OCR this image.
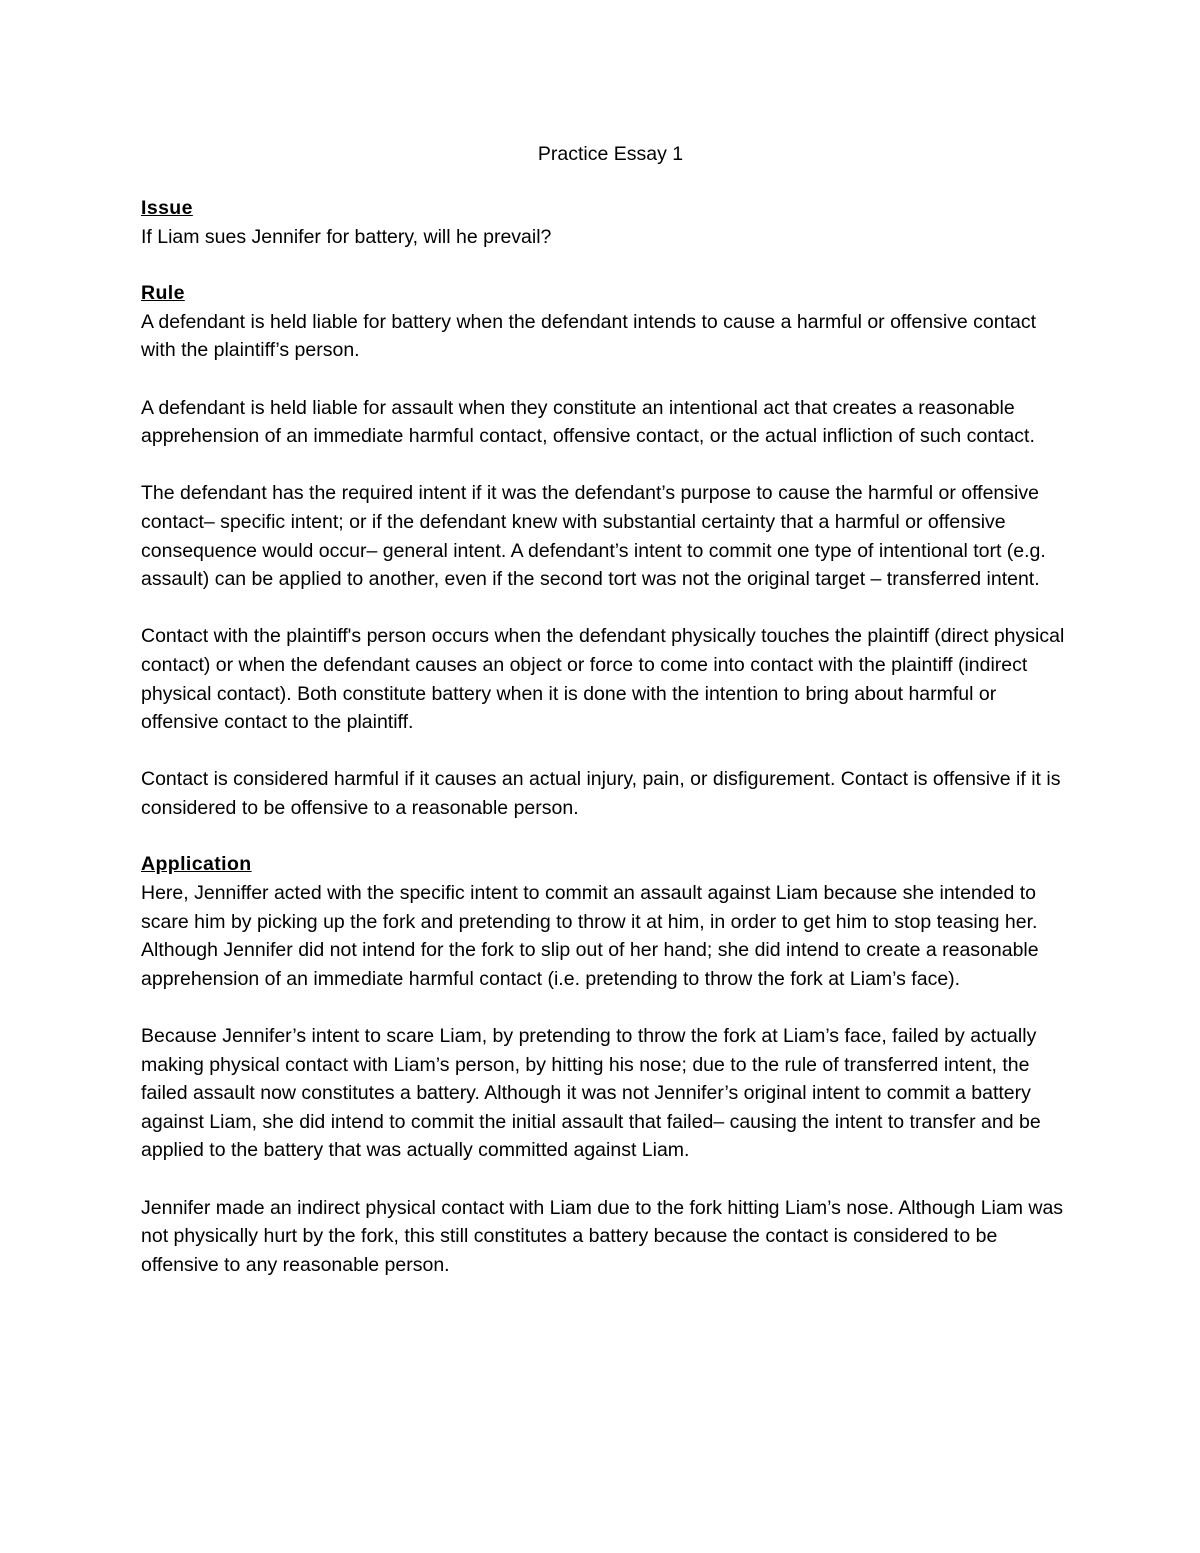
Practice Essay 1
Issue
If Liam sues Jennifer for battery, will he prevail?
Rule
A defendant is held liable for battery when the defendant intends to cause a harmful or offensive contact with the plaintiff’s person.
A defendant is held liable for assault when they constitute an intentional act that creates a reasonable apprehension of an immediate harmful contact, offensive contact, or the actual infliction of such contact.
The defendant has the required intent if it was the defendant’s purpose to cause the harmful or offensive contact– specific intent; or if the defendant knew with substantial certainty that a harmful or offensive consequence would occur– general intent. A defendant’s intent to commit one type of intentional tort (e.g. assault) can be applied to another, even if the second tort was not the original target – transferred intent.
Contact with the plaintiff's person occurs when the defendant physically touches the plaintiff (direct physical contact) or when the defendant causes an object or force to come into contact with the plaintiff (indirect physical contact). Both constitute battery when it is done with the intention to bring about harmful or offensive contact to the plaintiff.
Contact is considered harmful if it causes an actual injury, pain, or disfigurement. Contact is offensive if it is considered to be offensive to a reasonable person.
Application
Here, Jenniffer acted with the specific intent to commit an assault against Liam because she intended to scare him by picking up the fork and pretending to throw it at him, in order to get him to stop teasing her. Although Jennifer did not intend for the fork to slip out of her hand; she did intend to create a reasonable apprehension of an immediate harmful contact (i.e. pretending to throw the fork at Liam’s face).
Because Jennifer’s intent to scare Liam, by pretending to throw the fork at Liam’s face, failed by actually making physical contact with Liam’s person, by hitting his nose; due to the rule of transferred intent, the failed assault now constitutes a battery. Although it was not Jennifer’s original intent to commit a battery against Liam, she did intend to commit the initial assault that failed– causing the intent to transfer and be applied to the battery that was actually committed against Liam.
Jennifer made an indirect physical contact with Liam due to the fork hitting Liam’s nose. Although Liam was not physically hurt by the fork, this still constitutes a battery because the contact is considered to be offensive to any reasonable person.
